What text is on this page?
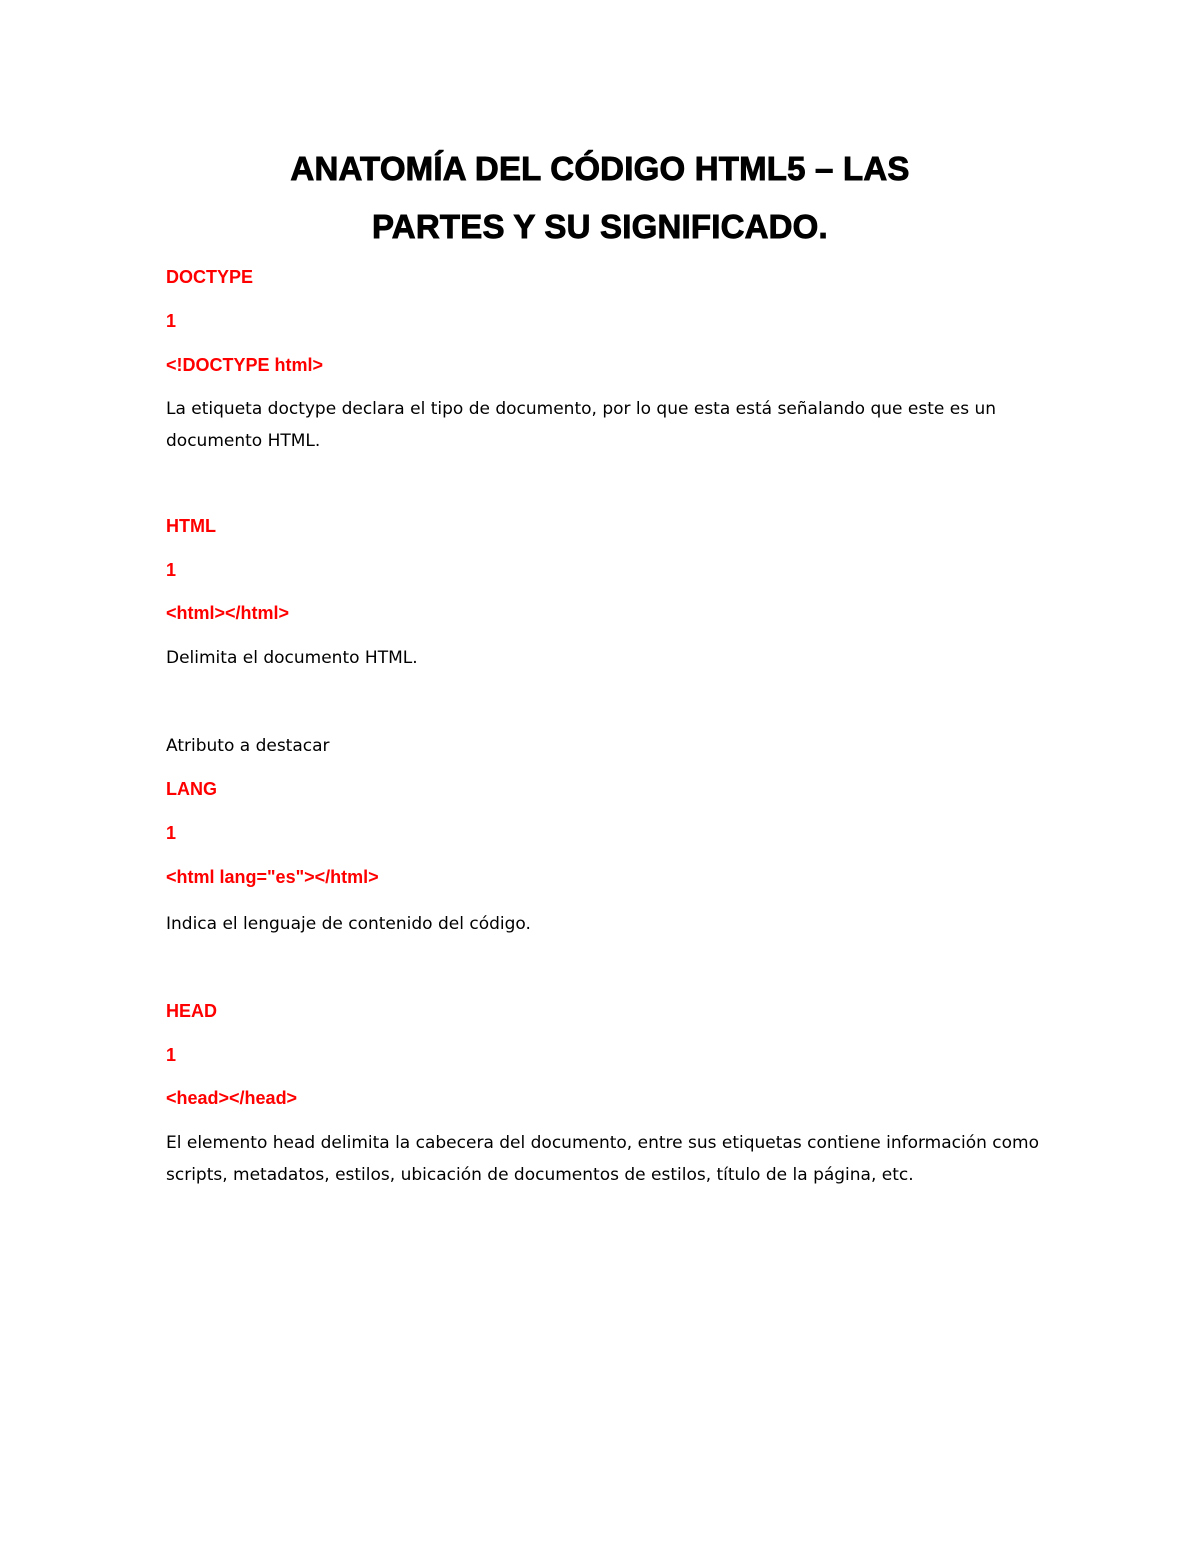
ANATOMÍA DEL CÓDIGO HTML5 – LAS
PARTES Y SU SIGNIFICADO.
DOCTYPE
1
<!DOCTYPE html>
La etiqueta doctype declara el tipo de documento, por lo que esta está señalando que este es un documento HTML.
HTML
1
<html></html>
Delimita el documento HTML.
Atributo a destacar
LANG
1
<html lang="es"></html>
Indica el lenguaje de contenido del código.
HEAD
1
<head></head>
El elemento head delimita la cabecera del documento, entre sus etiquetas contiene información como scripts, metadatos, estilos, ubicación de documentos de estilos, título de la página, etc.
